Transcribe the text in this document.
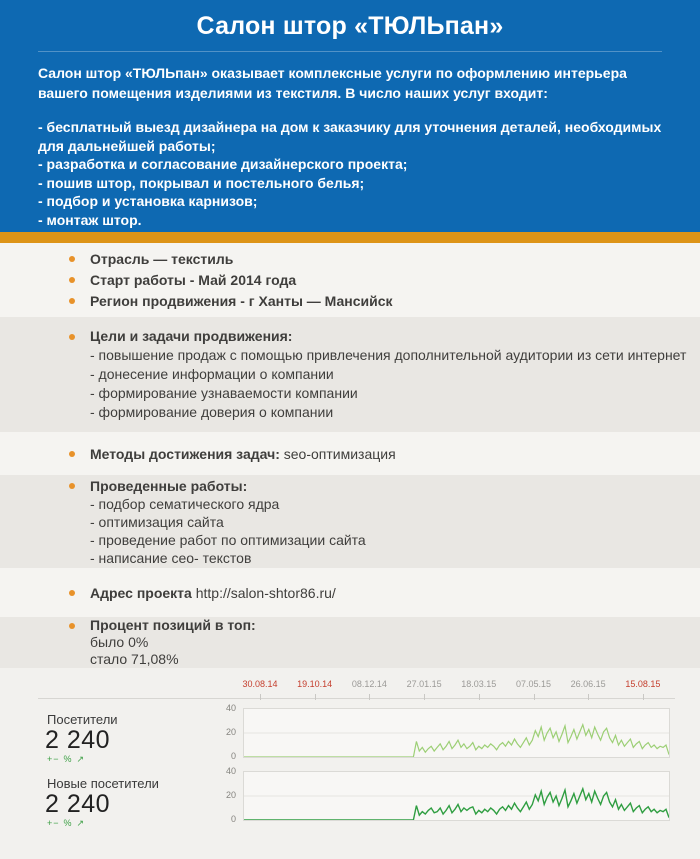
Салон штор «ТЮЛЬпан»

Салон штор «ТЮЛЬпан» оказывает комплексные услуги по оформлению интерьера вашего помещения изделиями из текстиля. В число наших услуг входит:

- бесплатный выезд дизайнера на дом к заказчику для уточнения деталей, необходимых для дальнейшей работы;
- разработка и согласование дизайнерского проекта;
- пошив штор, покрывал и постельного белья;
- подбор и установка карнизов;
- монтаж штор.
Отрасль — текстиль
Старт работы - Май 2014 года
Регион продвижения - г Ханты — Мансийск
Цели и задачи продвижения:
- повышение продаж с помощью привлечения дополнительной аудитории из сети интернет
- донесение информации о компании
- формирование узнаваемости компании
- формирование доверия о компании
Методы достижения задач: seo-оптимизация
Проведенные работы:
- подбор сематического ядра
- оптимизация сайта
- проведение работ по оптимизации сайта
- написание сео- текстов
Адрес проекта http://salon-shtor86.ru/
Процент позиций в топ:
было 0%
стало 71,08%
30.08.14	19.10.14	08.12.14	27.01.15	18.03.15	07.05.15	26.06.15	15.08.15
Посетители
2 240
+− % ↗
40
20
0
Новые посетители
2 240
+− % ↗
40
20
0
